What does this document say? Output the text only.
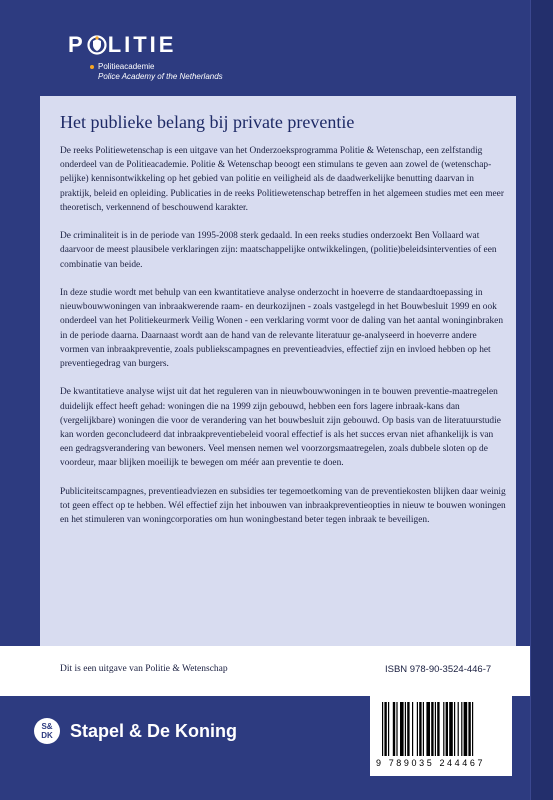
P LITIE
Politieacademie
Police Academy of the Netherlands
Het publieke belang bij private preventie

De reeks Politiewetenschap is een uitgave van het Onderzoeksprogramma Politie & Wetenschap, een zelfstandig onderdeel van de Politieacademie. Politie & Wetenschap beoogt een stimulans te geven aan zowel de (wetenschap-pelijke) kennisontwikkeling op het gebied van politie en veiligheid als de daadwerkelijke benutting daarvan in praktijk, beleid en opleiding. Publicaties in de reeks Politiewetenschap betreffen in het algemeen studies met een meer theoretisch, verkennend of beschouwend karakter.

De criminaliteit is in de periode van 1995-2008 sterk gedaald. In een reeks studies onderzoekt Ben Vollaard wat daarvoor de meest plausibele verklaringen zijn: maatschappelijke ontwikkelingen, (politie)beleidsinterventies of een combinatie van beide.

In deze studie wordt met behulp van een kwantitatieve analyse onderzocht in hoeverre de standaardtoepassing in nieuwbouwwoningen van inbraakwerende raam- en deurkozijnen - zoals vastgelegd in het Bouwbesluit 1999 en ook onderdeel van het Politiekeurmerk Veilig Wonen - een verklaring vormt voor de daling van het aantal woninginbraken in de periode daarna. Daarnaast wordt aan de hand van de relevante literatuur ge-analyseerd in hoeverre andere vormen van inbraakpreventie, zoals publiekscampagnes en preventieadvies, effectief zijn en invloed hebben op het preventiegedrag van burgers.

De kwantitatieve analyse wijst uit dat het reguleren van in nieuwbouwwoningen in te bouwen preventie-maatregelen duidelijk effect heeft gehad: woningen die na 1999 zijn gebouwd, hebben een fors lagere inbraak-kans dan (vergelijkbare) woningen die voor de verandering van het bouwbesluit zijn gebouwd. Op basis van de literatuurstudie kan worden geconcludeerd dat inbraakpreventiebeleid vooral effectief is als het succes ervan niet afhankelijk is van een gedragsverandering van bewoners. Veel mensen nemen wel voorzorgsmaatregelen, zoals dubbele sloten op de voordeur, maar blijken moeilijk te bewegen om méér aan preventie te doen.

Publiciteitscampagnes, preventieadviezen en subsidies ter tegemoetkoming van de preventiekosten blijken daar weinig tot geen effect op te hebben. Wél effectief zijn het inbouwen van inbraakpreventieopties in nieuw te bouwen woningen en het stimuleren van woningcorporaties om hun woningbestand beter tegen inbraak te beveiligen.

Dit is een uitgave van Politie & Wetenschap	ISBN 978-90-3524-446-7
S&
DK Stapel & De Koning
9 789035 244467
